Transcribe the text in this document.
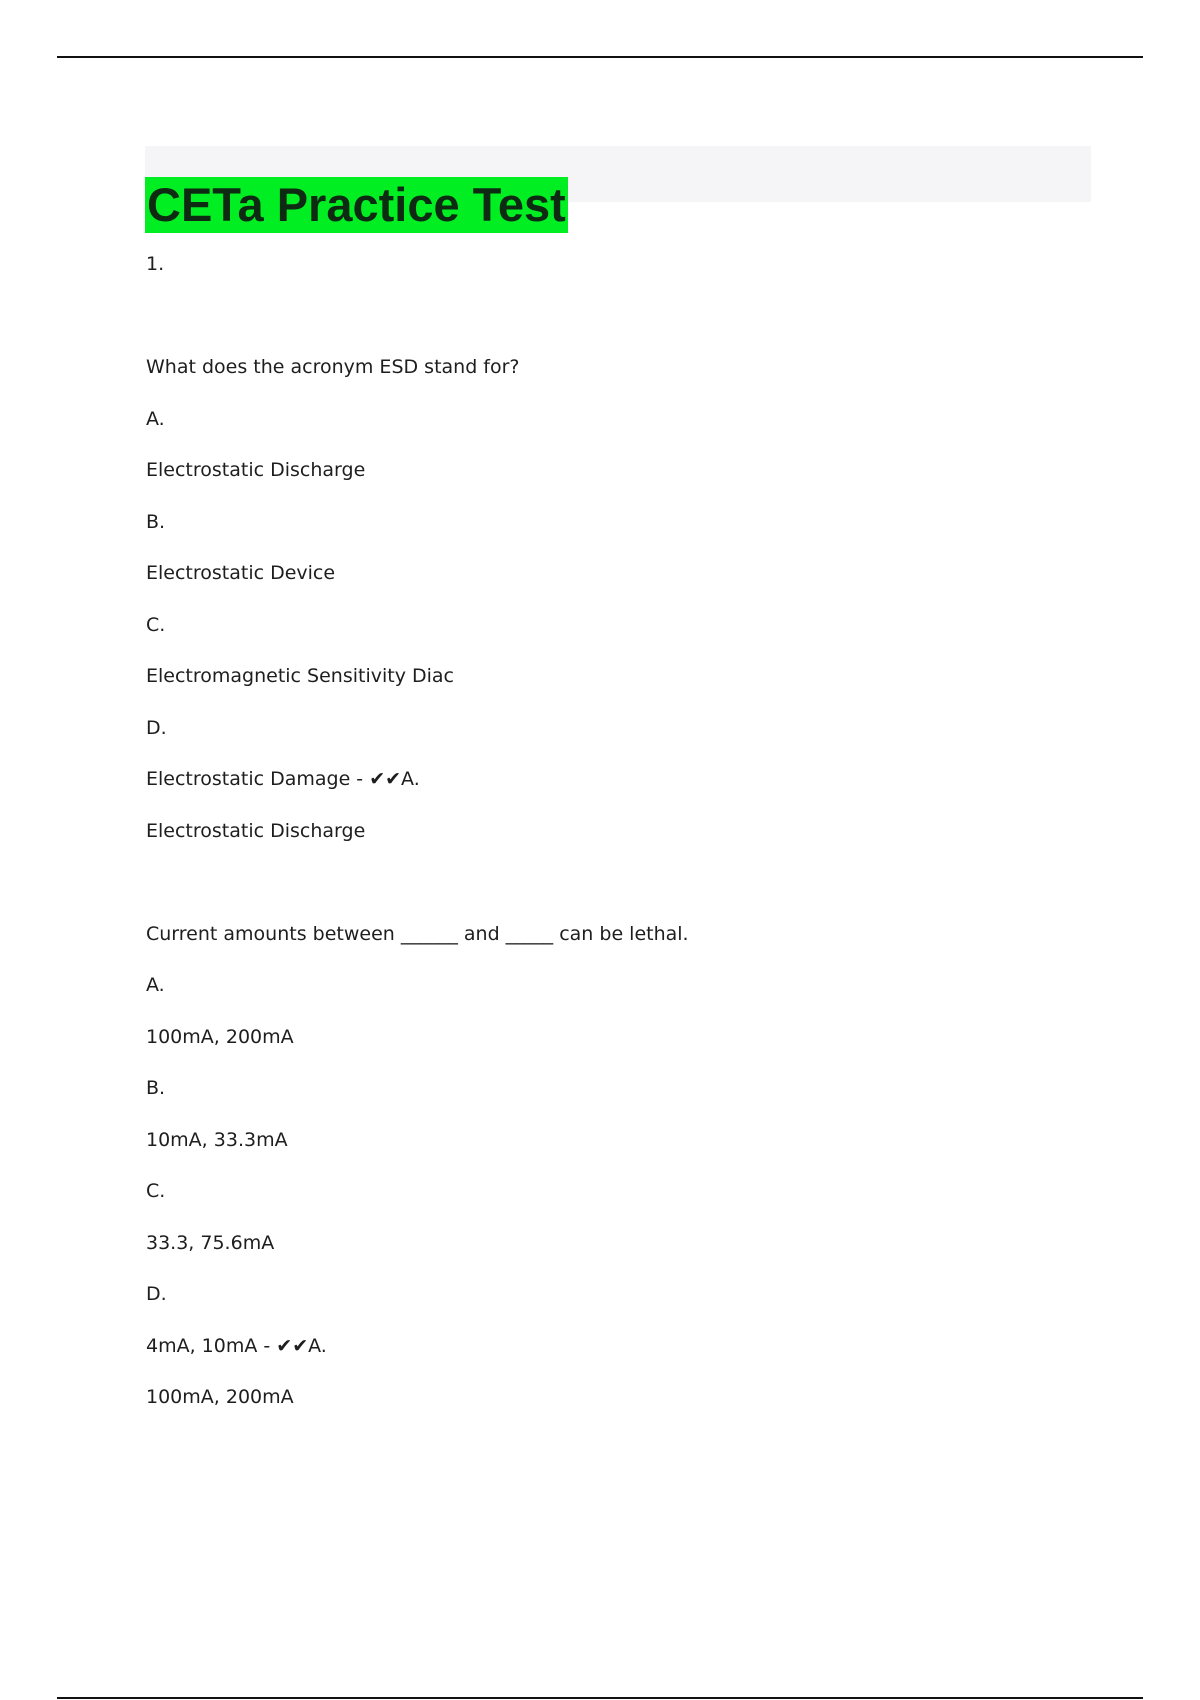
CETa Practice Test

1.

What does the acronym ESD stand for?

A.

Electrostatic Discharge

B.

Electrostatic Device

C.

Electromagnetic Sensitivity Diac

D.

Electrostatic Damage - ✔✔A.

Electrostatic Discharge

Current amounts between ______ and _____ can be lethal.

A.

100mA, 200mA

B.

10mA, 33.3mA

C.

33.3, 75.6mA

D.

4mA, 10mA - ✔✔A.

100mA, 200mA
